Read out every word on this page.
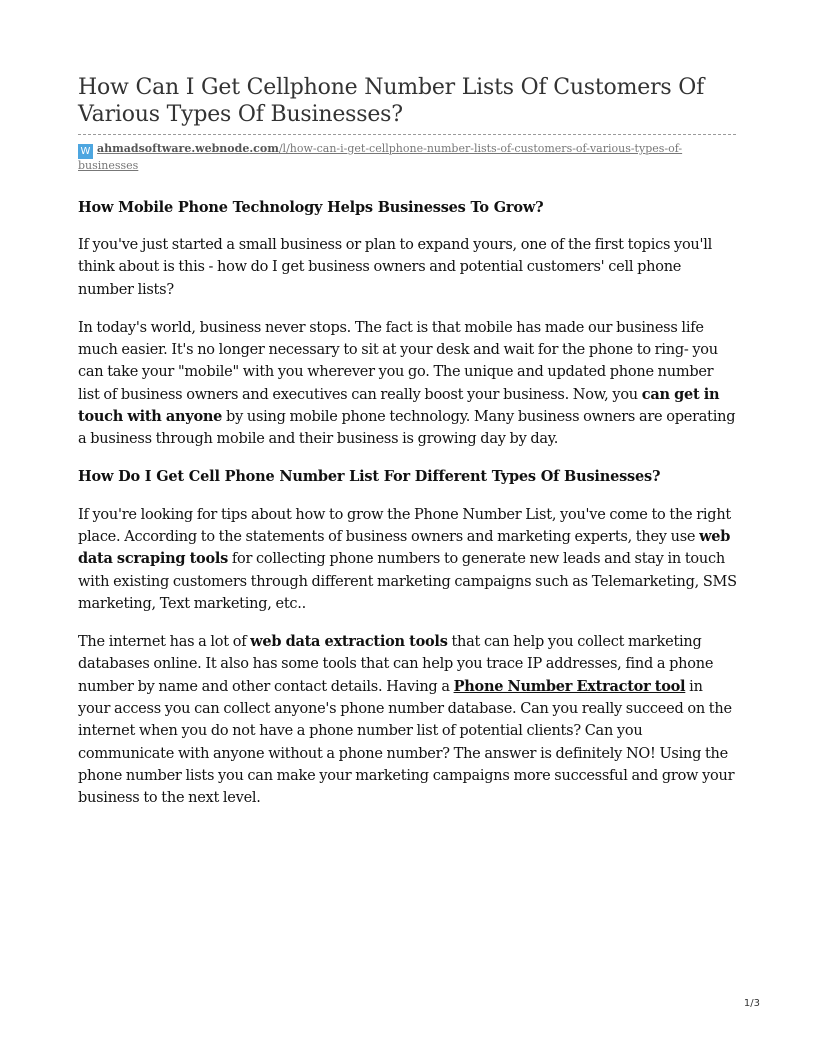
How Can I Get Cellphone Number Lists Of Customers Of Various Types Of Businesses?
W ahmadsoftware.webnode.com/l/how-can-i-get-cellphone-number-lists-of-customers-of-various-types-of-businesses
How Mobile Phone Technology Helps Businesses To Grow?

If you've just started a small business or plan to expand yours, one of the first topics you'll think about is this - how do I get business owners and potential customers' cell phone number lists?

In today's world, business never stops. The fact is that mobile has made our business life much easier. It's no longer necessary to sit at your desk and wait for the phone to ring- you can take your "mobile" with you wherever you go. The unique and updated phone number list of business owners and executives can really boost your business. Now, you can get in touch with anyone by using mobile phone technology. Many business owners are operating a business through mobile and their business is growing day by day.

How Do I Get Cell Phone Number List For Different Types Of Businesses?

If you're looking for tips about how to grow the Phone Number List, you've come to the right place. According to the statements of business owners and marketing experts, they use web data scraping tools for collecting phone numbers to generate new leads and stay in touch with existing customers through different marketing campaigns such as Telemarketing, SMS marketing, Text marketing, etc..

The internet has a lot of web data extraction tools that can help you collect marketing databases online. It also has some tools that can help you trace IP addresses, find a phone number by name and other contact details. Having a Phone Number Extractor tool in your access you can collect anyone's phone number database. Can you really succeed on the internet when you do not have a phone number list of potential clients? Can you communicate with anyone without a phone number? The answer is definitely NO! Using the phone number lists you can make your marketing campaigns more successful and grow your business to the next level.

1/3
